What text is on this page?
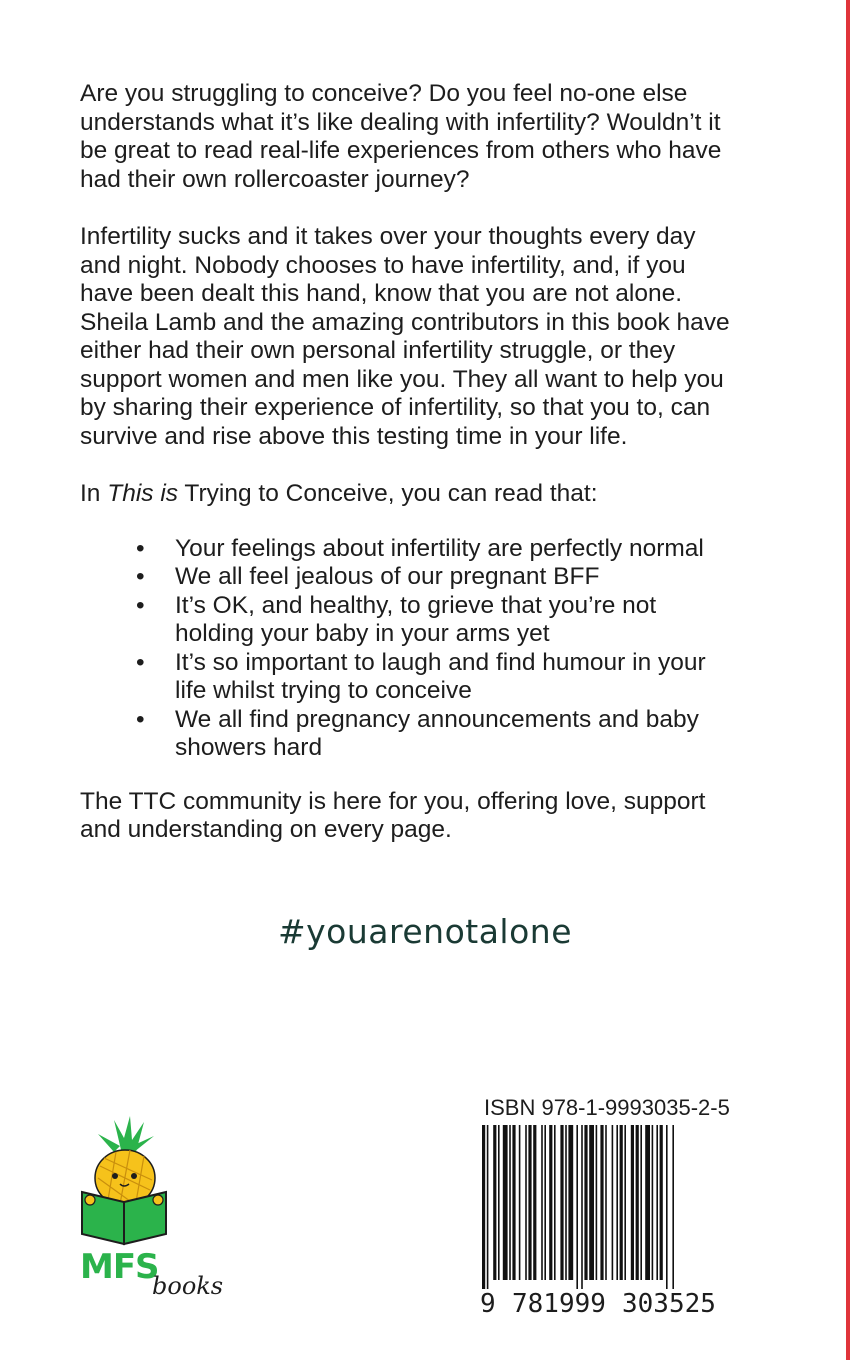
Are you struggling to conceive? Do you feel no-one else
understands what it’s like dealing with infertility? Wouldn’t it
be great to read real-life experiences from others who have
had their own rollercoaster journey?

Infertility sucks and it takes over your thoughts every day
and night. Nobody chooses to have infertility, and, if you
have been dealt this hand, know that you are not alone.
Sheila Lamb and the amazing contributors in this book have
either had their own personal infertility struggle, or they
support women and men like you. They all want to help you
by sharing their experience of infertility, so that you to, can
survive and rise above this testing time in your life.

In This is Trying to Conceive, you can read that:

• Your feelings about infertility are perfectly normal
• We all feel jealous of our pregnant BFF
• It’s OK, and healthy, to grieve that you’re not
holding your baby in your arms yet
• It’s so important to laugh and find humour in your
life whilst trying to conceive
• We all find pregnancy announcements and baby
showers hard

The TTC community is here for you, offering love, support
and understanding on every page.

#youarenotalone
MFS
books
ISBN 978-1-9993035-2-5
9 781999 303525
